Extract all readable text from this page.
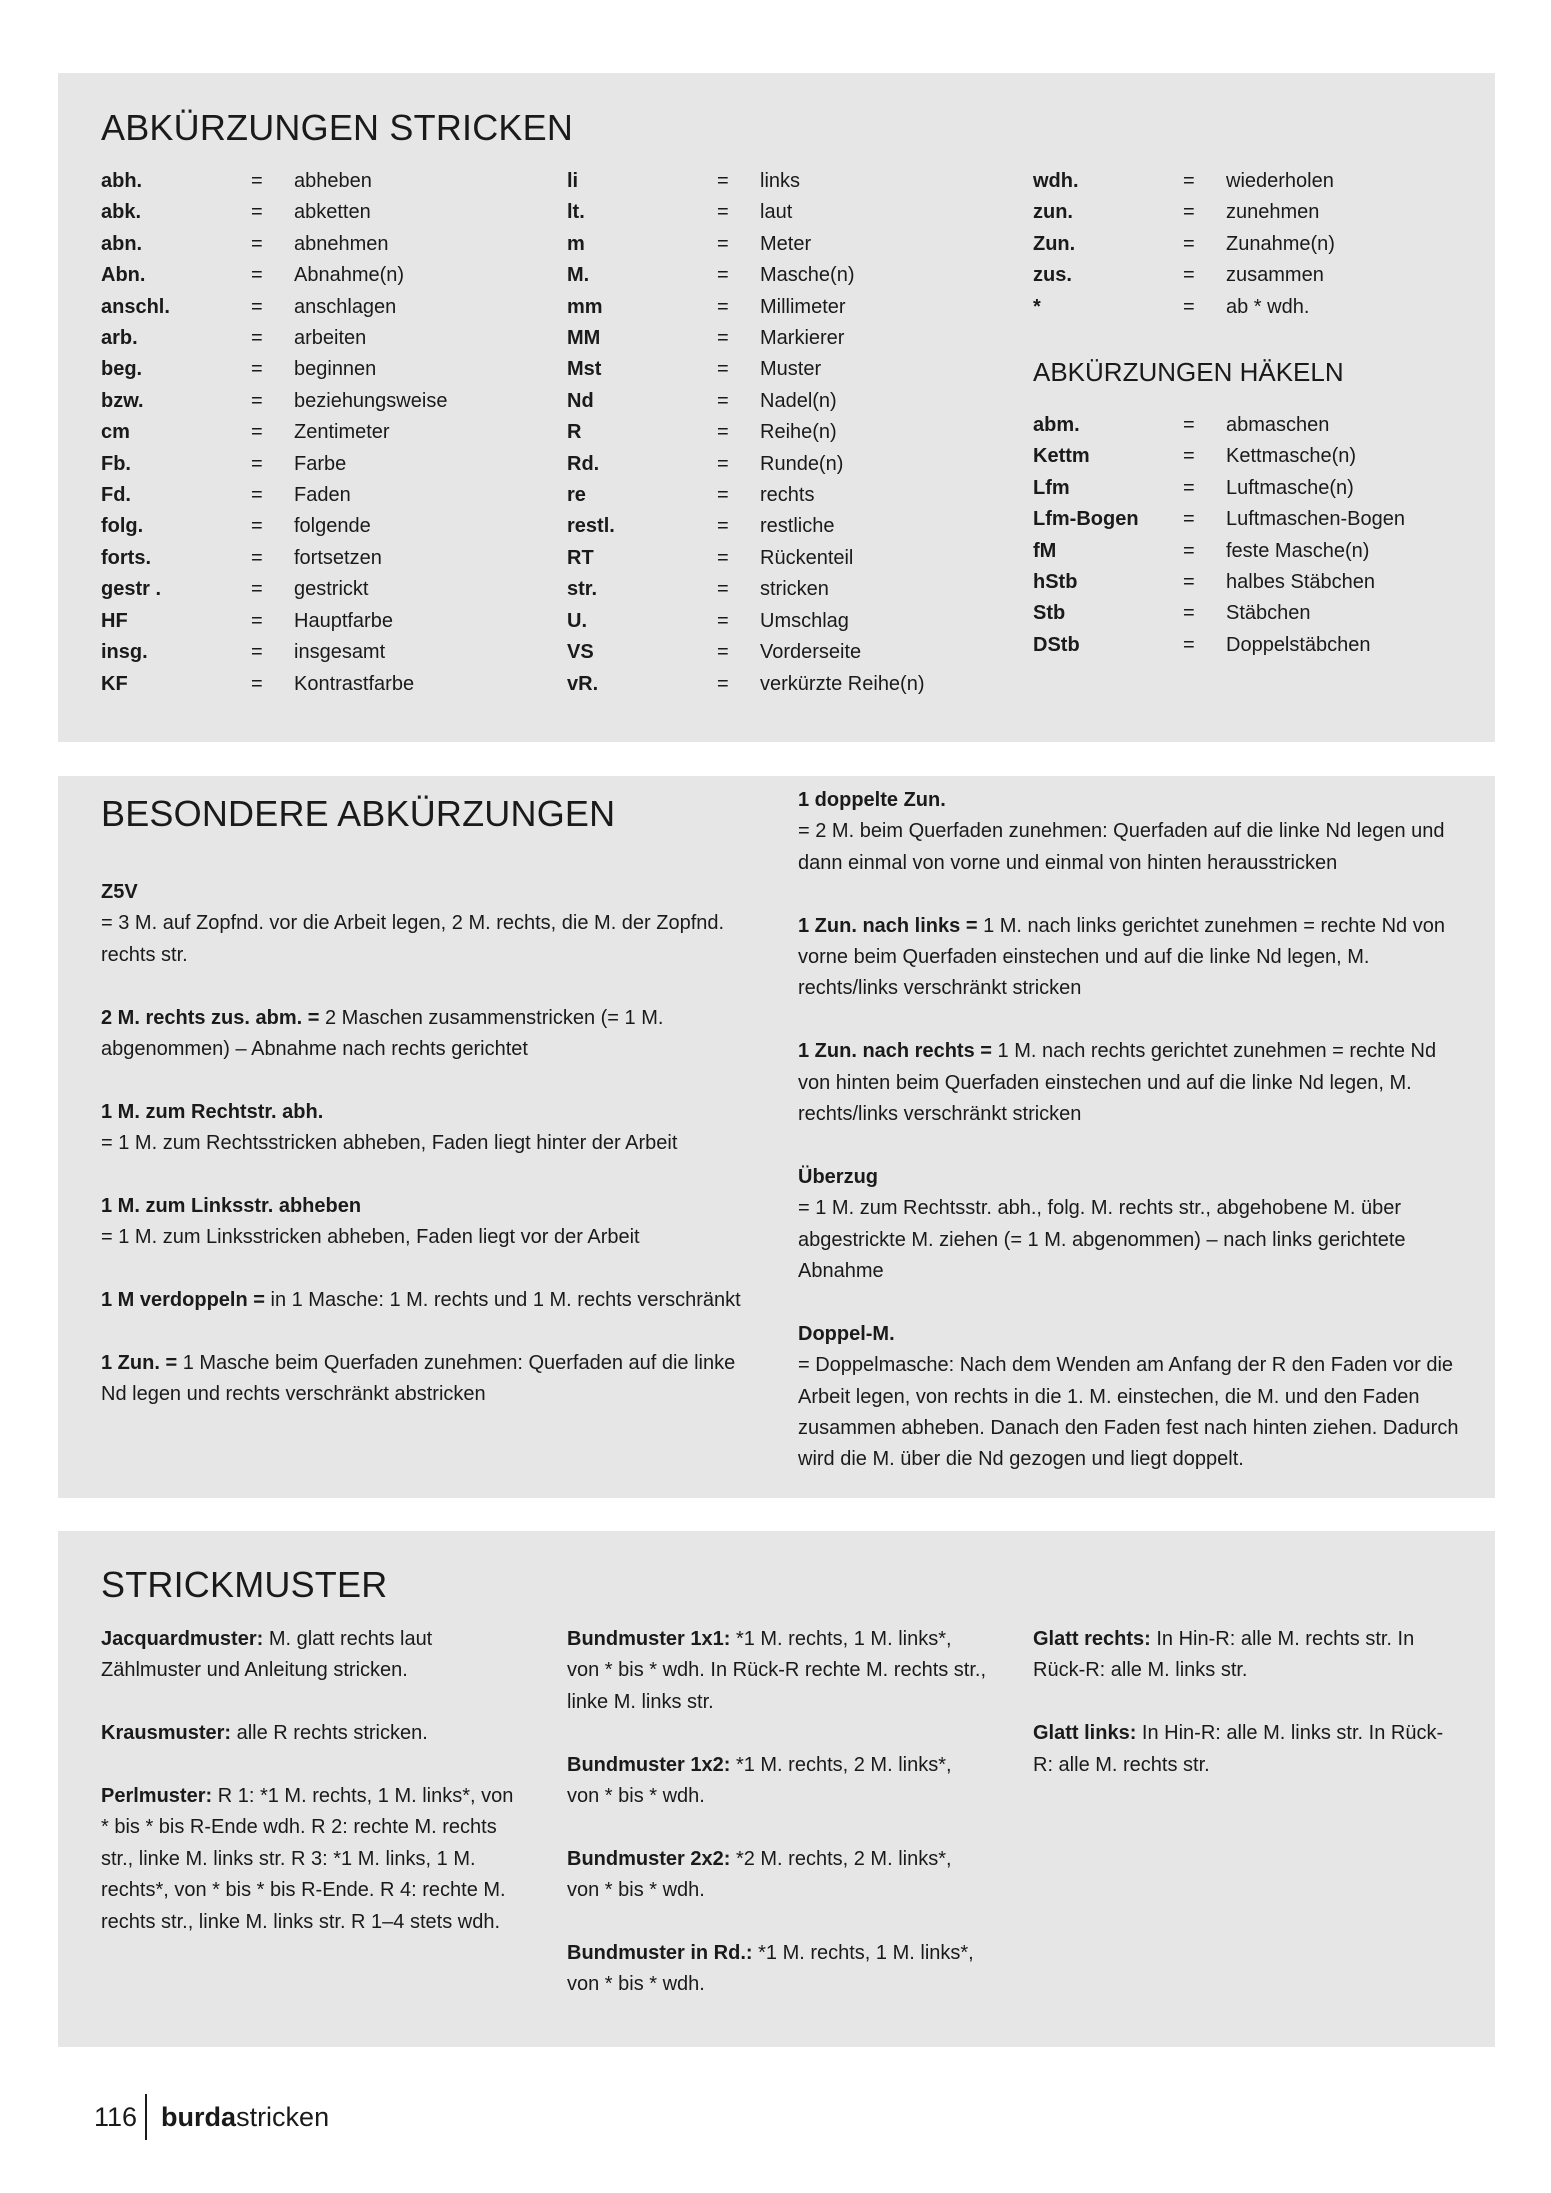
ABKÜRZUNGEN STRICKEN
abh.	=	abheben
abk.	=	abketten
abn.	=	abnehmen
Abn.	=	Abnahme(n)
anschl.	=	anschlagen
arb.	=	arbeiten
beg.	=	beginnen
bzw.	=	beziehungsweise
cm	=	Zentimeter
Fb.	=	Farbe
Fd.	=	Faden
folg.	=	folgende
forts.	=	fortsetzen
gestr .	=	gestrickt
HF	=	Hauptfarbe
insg.	=	insgesamt
KF	=	Kontrastfarbe
li	=	links
lt.	=	laut
m	=	Meter
M.	=	Masche(n)
mm	=	Millimeter
MM	=	Markierer
Mst	=	Muster
Nd	=	Nadel(n)
R	=	Reihe(n)
Rd.	=	Runde(n)
re	=	rechts
restl.	=	restliche
RT	=	Rückenteil
str.	=	stricken
U.	=	Umschlag
VS	=	Vorderseite
vR.	=	verkürzte Reihe(n)
wdh.	=	wiederholen
zun.	=	zunehmen
Zun.	=	Zunahme(n)
zus.	=	zusammen
*	=	ab * wdh.
ABKÜRZUNGEN HÄKELN
abm.	=	abmaschen
Kettm	=	Kettmasche(n)
Lfm	=	Luftmasche(n)
Lfm-Bogen	=	Luftmaschen-Bogen
fM	=	feste Masche(n)
hStb	=	halbes Stäbchen
Stb	=	Stäbchen
DStb	=	Doppelstäbchen
BESONDERE ABKÜRZUNGEN

Z5V
= 3 M. auf Zopfnd. vor die Arbeit legen, 2 M. rechts, die M. der Zopfnd. rechts str.

2 M. rechts zus. abm. = 2 Maschen zusammenstricken (= 1 M. abgenommen) – Abnahme nach rechts gerichtet

1 M. zum Rechtstr. abh.
= 1 M. zum Rechtsstricken abheben, Faden liegt hinter der Arbeit

1 M. zum Linksstr. abheben
= 1 M. zum Linksstricken abheben, Faden liegt vor der Arbeit

1 M verdoppeln = in 1 Masche: 1 M. rechts und 1 M. rechts verschränkt

1 Zun. = 1 Masche beim Querfaden zunehmen: Querfaden auf die linke Nd legen und rechts verschränkt abstricken

1 doppelte Zun.
= 2 M. beim Querfaden zunehmen: Querfaden auf die linke Nd legen und dann einmal von vorne und einmal von hinten herausstricken

1 Zun. nach links = 1 M. nach links gerichtet zunehmen = rechte Nd von vorne beim Querfaden einstechen und auf die linke Nd legen, M. rechts/links verschränkt stricken

1 Zun. nach rechts = 1 M. nach rechts gerichtet zunehmen = rechte Nd von hinten beim Querfaden einstechen und auf die linke Nd legen, M. rechts/links verschränkt stricken

Überzug
= 1 M. zum Rechtsstr. abh., folg. M. rechts str., abgehobene M. über abgestrickte M. ziehen (= 1 M. abgenommen) – nach links gerichtete Abnahme

Doppel-M.
= Doppelmasche: Nach dem Wenden am Anfang der R den Faden vor die Arbeit legen, von rechts in die 1. M. einstechen, die M. und den Faden zusammen abheben. Danach den Faden fest nach hinten ziehen. Dadurch wird die M. über die Nd gezogen und liegt doppelt.

STRICKMUSTER

Jacquardmuster: M. glatt rechts laut Zählmuster und Anleitung stricken.

Krausmuster: alle R rechts stricken.

Perlmuster: R 1: *1 M. rechts, 1 M. links*, von * bis * bis R-Ende wdh. R 2: rechte M. rechts str., linke M. links str. R 3: *1 M. links, 1 M. rechts*, von * bis * bis R-Ende. R 4: rechte M. rechts str., linke M. links str. R 1–4 stets wdh.

Bundmuster 1x1: *1 M. rechts, 1 M. links*, von * bis * wdh. In Rück-R rechte M. rechts str., linke M. links str.

Bundmuster 1x2: *1 M. rechts, 2 M. links*, von * bis * wdh.

Bundmuster 2x2: *2 M. rechts, 2 M. links*, von * bis * wdh.

Bundmuster in Rd.: *1 M. rechts, 1 M. links*, von * bis * wdh.

Glatt rechts: In Hin-R: alle M. rechts str. In Rück-R: alle M. links str.

Glatt links: In Hin-R: alle M. links str. In Rück-R: alle M. rechts str.

116 burdastricken
